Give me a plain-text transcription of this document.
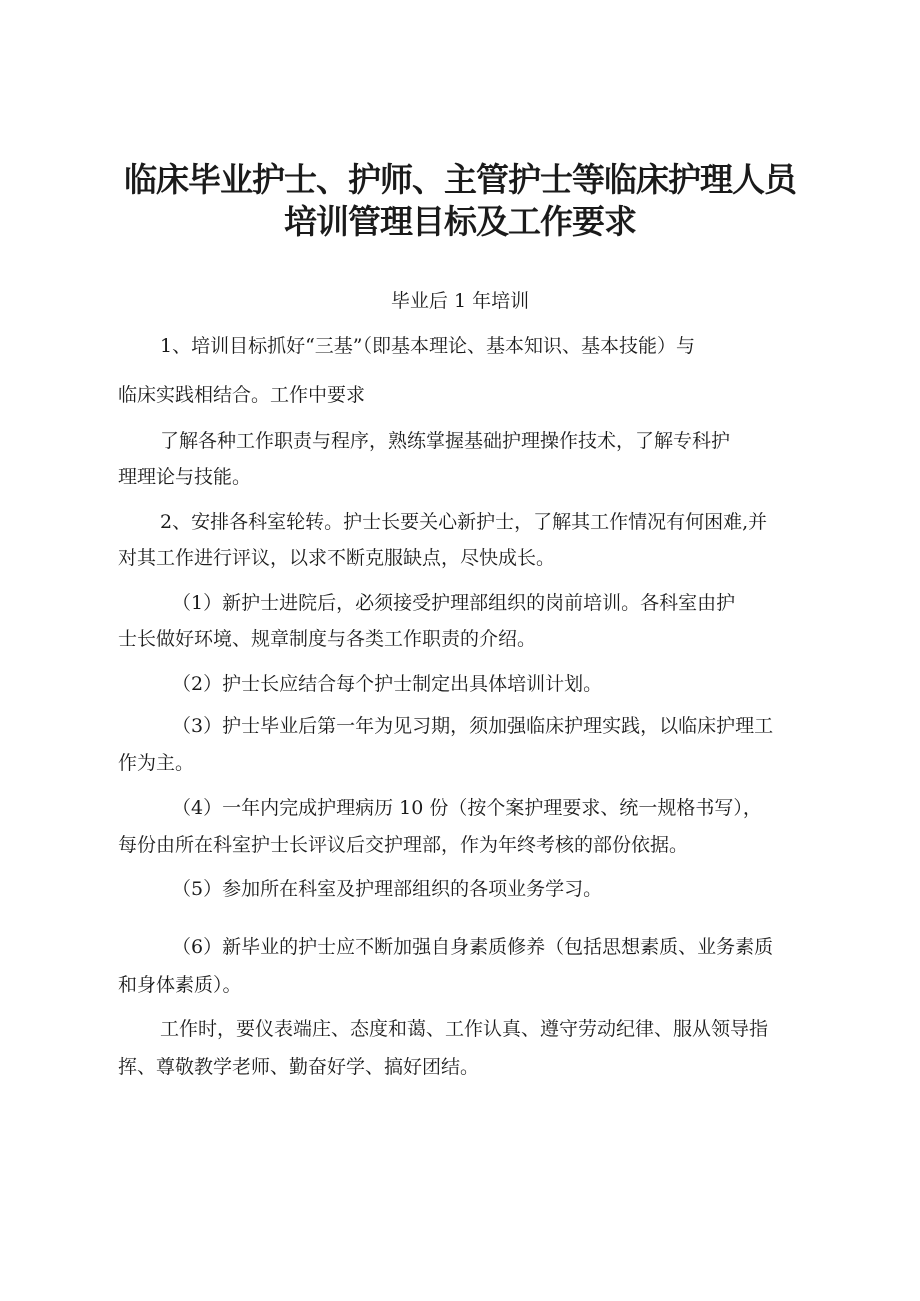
临床毕业护士、护师、主管护士等临床护理人员
培训管理目标及工作要求
毕业后 1 年培训
1、培训目标抓好“三基”（即基本理论、基本知识、基本技能）与
临床实践相结合。工作中要求
了解各种工作职责与程序，熟练掌握基础护理操作技术，了解专科护
理理论与技能。
2、安排各科室轮转。护士长要关心新护士，了解其工作情况有何困难,并
对其工作进行评议，以求不断克服缺点，尽快成长。
（1）新护士进院后，必须接受护理部组织的岗前培训。各科室由护
士长做好环境、规章制度与各类工作职责的介绍。
（2）护士长应结合每个护士制定出具体培训计划。
（3）护士毕业后第一年为见习期，须加强临床护理实践，以临床护理工
作为主。
（4）一年内完成护理病历 10 份（按个案护理要求、统一规格书写），
每份由所在科室护士长评议后交护理部，作为年终考核的部份依据。
（5）参加所在科室及护理部组织的各项业务学习。
（6）新毕业的护士应不断加强自身素质修养（包括思想素质、业务素质
和身体素质）。
工作时，要仪表端庄、态度和蔼、工作认真、遵守劳动纪律、服从领导指
挥、尊敬教学老师、勤奋好学、搞好团结。
